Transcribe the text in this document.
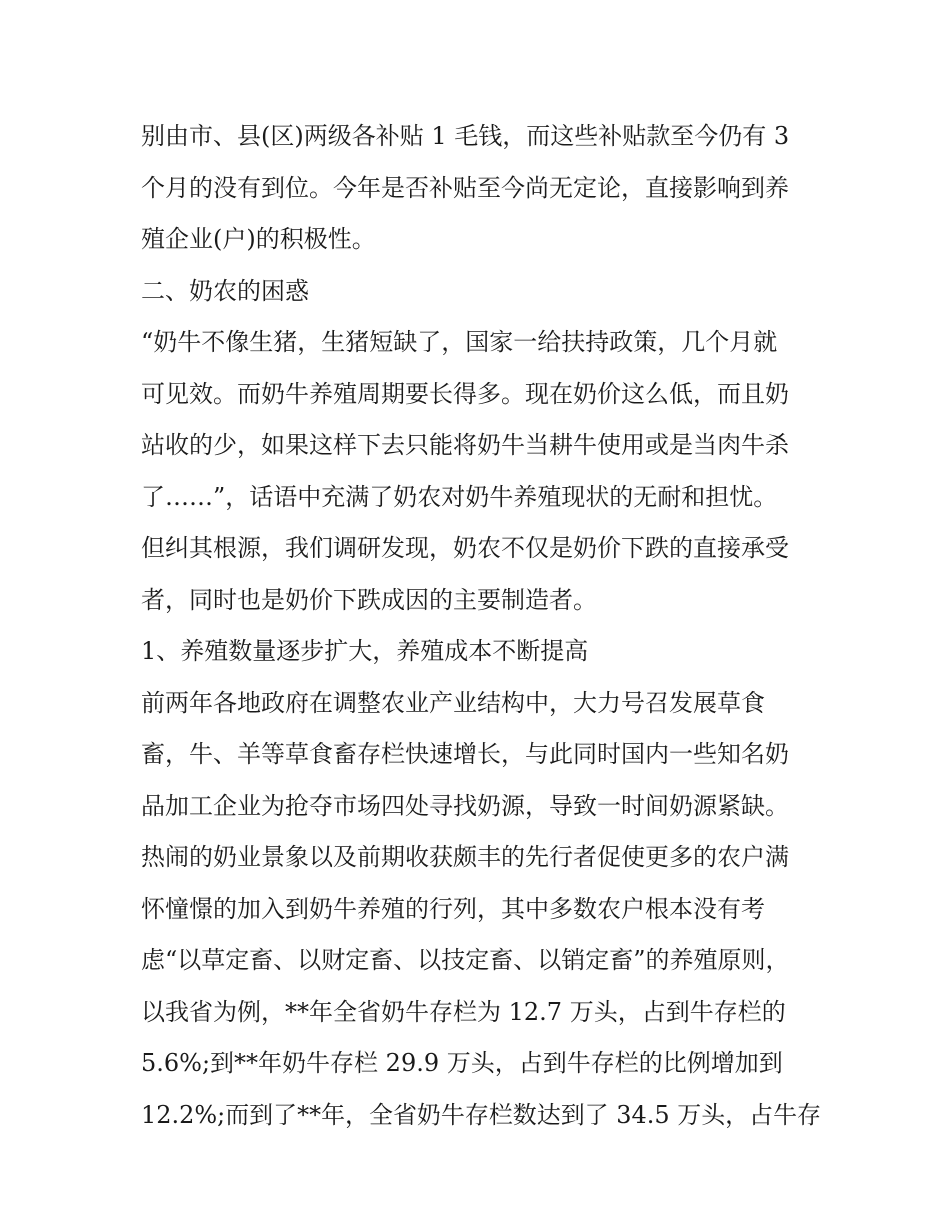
别由市、县(区)两级各补贴 1 毛钱，而这些补贴款至今仍有 3
个月的没有到位。今年是否补贴至今尚无定论，直接影响到养
殖企业(户)的积极性。
二、奶农的困惑
“奶牛不像生猪，生猪短缺了，国家一给扶持政策，几个月就
可见效。而奶牛养殖周期要长得多。现在奶价这么低，而且奶
站收的少，如果这样下去只能将奶牛当耕牛使用或是当肉牛杀
了……”，话语中充满了奶农对奶牛养殖现状的无耐和担忧。
但纠其根源，我们调研发现，奶农不仅是奶价下跌的直接承受
者，同时也是奶价下跌成因的主要制造者。
1、养殖数量逐步扩大，养殖成本不断提高
前两年各地政府在调整农业产业结构中，大力号召发展草食
畜，牛、羊等草食畜存栏快速增长，与此同时国内一些知名奶
品加工企业为抢夺市场四处寻找奶源，导致一时间奶源紧缺。
热闹的奶业景象以及前期收获颇丰的先行者促使更多的农户满
怀憧憬的加入到奶牛养殖的行列，其中多数农户根本没有考
虑“以草定畜、以财定畜、以技定畜、以销定畜”的养殖原则，
以我省为例，**年全省奶牛存栏为 12.7 万头，占到牛存栏的
5.6%;到**年奶牛存栏 29.9 万头，占到牛存栏的比例增加到
12.2%;而到了**年，全省奶牛存栏数达到了 34.5 万头，占牛存
